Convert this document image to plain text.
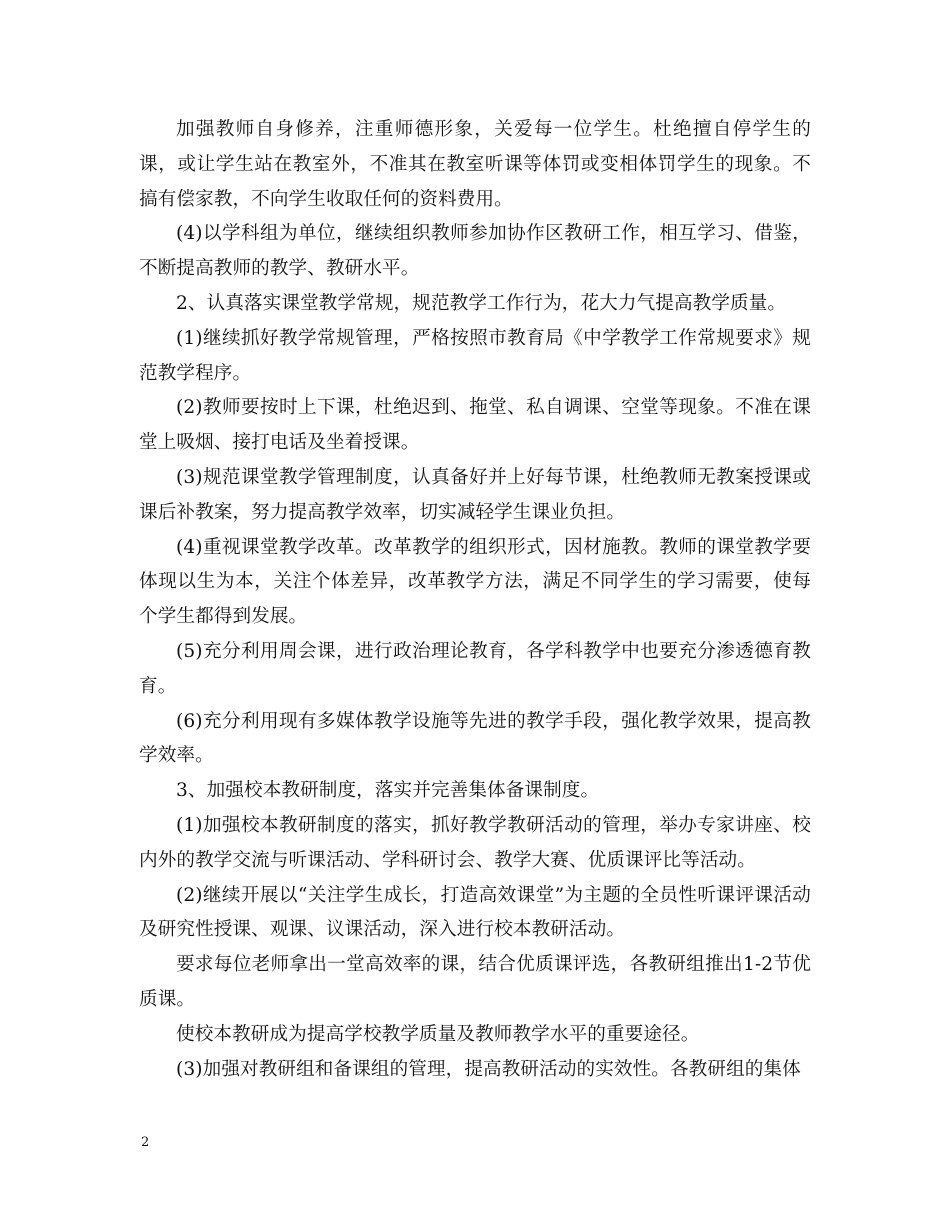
加强教师自身修养，注重师德形象，关爱每一位学生。杜绝擅自停学生的课，或让学生站在教室外，不准其在教室听课等体罚或变相体罚学生的现象。不搞有偿家教，不向学生收取任何的资料费用。

(4)以学科组为单位，继续组织教师参加协作区教研工作，相互学习、借鉴，不断提高教师的教学、教研水平。

2、认真落实课堂教学常规，规范教学工作行为，花大力气提高教学质量。

(1)继续抓好教学常规管理，严格按照市教育局《中学教学工作常规要求》规范教学程序。

(2)教师要按时上下课，杜绝迟到、拖堂、私自调课、空堂等现象。不准在课堂上吸烟、接打电话及坐着授课。

(3)规范课堂教学管理制度，认真备好并上好每节课，杜绝教师无教案授课或课后补教案，努力提高教学效率，切实减轻学生课业负担。

(4)重视课堂教学改革。改革教学的组织形式，因材施教。教师的课堂教学要体现以生为本，关注个体差异，改革教学方法，满足不同学生的学习需要，使每个学生都得到发展。

(5)充分利用周会课，进行政治理论教育，各学科教学中也要充分渗透德育教育。

(6)充分利用现有多媒体教学设施等先进的教学手段，强化教学效果，提高教学效率。

3、加强校本教研制度，落实并完善集体备课制度。

(1)加强校本教研制度的落实，抓好教学教研活动的管理，举办专家讲座、校内外的教学交流与听课活动、学科研讨会、教学大赛、优质课评比等活动。

(2)继续开展以“关注学生成长，打造高效课堂”为主题的全员性听课评课活动及研究性授课、观课、议课活动，深入进行校本教研活动。

要求每位老师拿出一堂高效率的课，结合优质课评选，各教研组推出1-2节优质课。

使校本教研成为提高学校教学质量及教师教学水平的重要途径。

(3)加强对教研组和备课组的管理，提高教研活动的实效性。各教研组的集体

2
